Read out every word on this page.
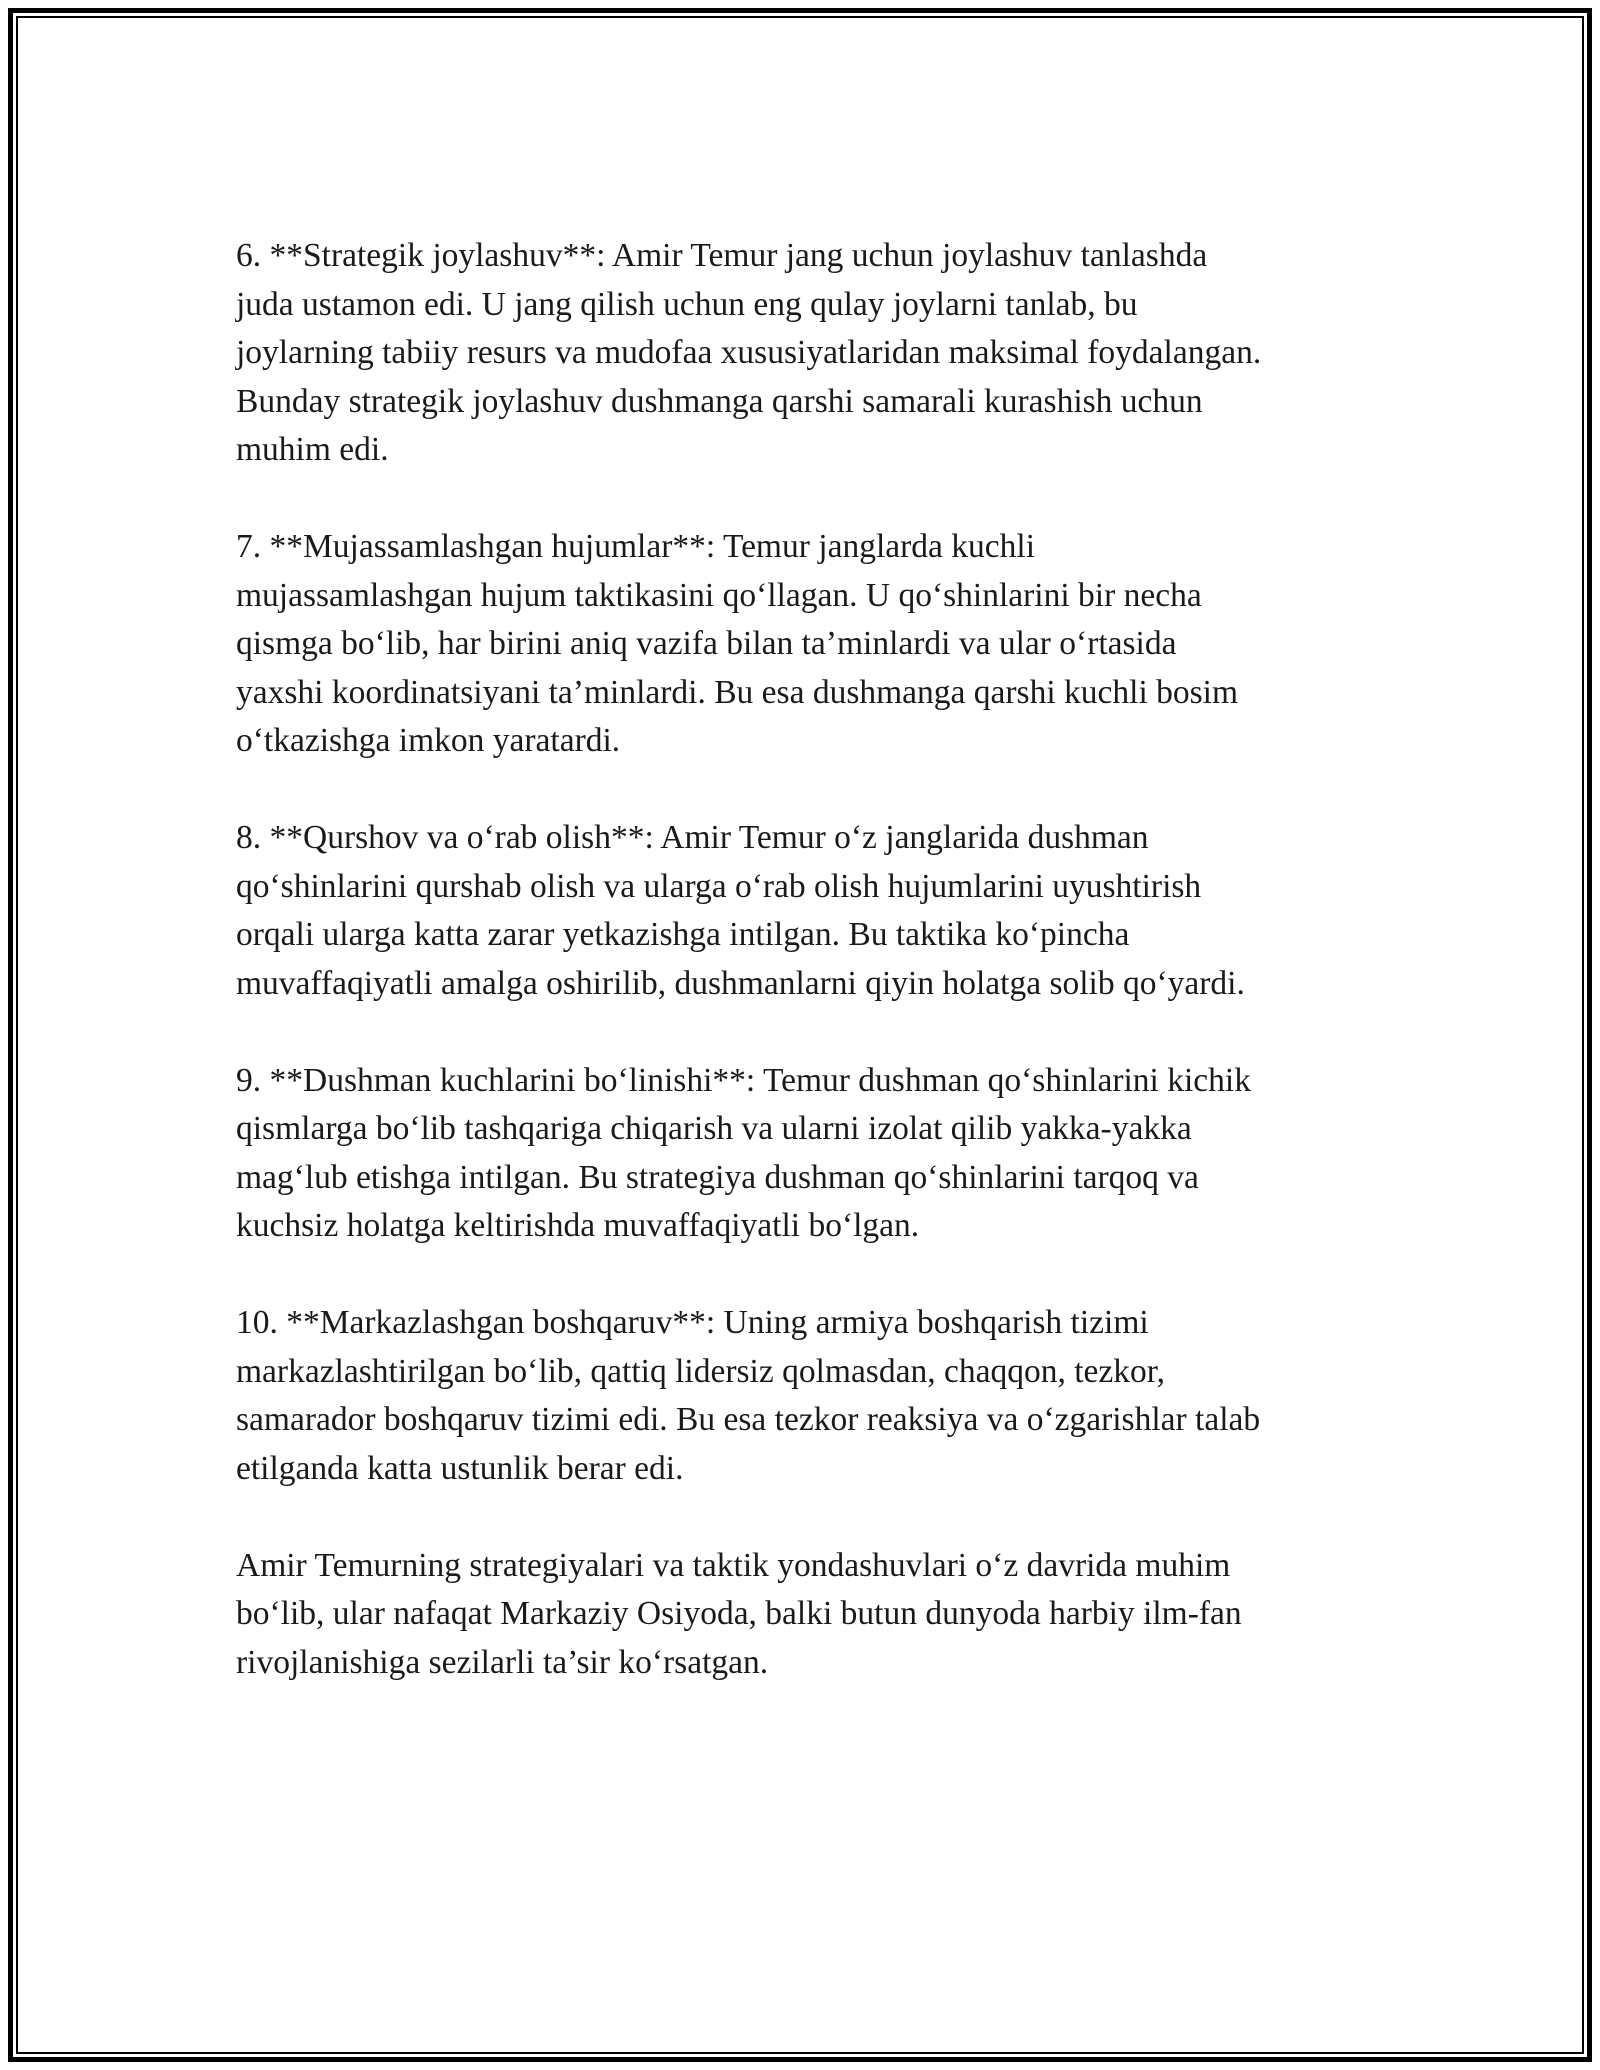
6. **Strategik joylashuv**: Amir Temur jang uchun joylashuv tanlashda
juda ustamon edi. U jang qilish uchun eng qulay joylarni tanlab, bu
joylarning tabiiy resurs va mudofaa xususiyatlaridan maksimal foydalangan.
Bunday strategik joylashuv dushmanga qarshi samarali kurashish uchun
muhim edi.

7. **Mujassamlashgan hujumlar**: Temur janglarda kuchli
mujassamlashgan hujum taktikasini qo‘llagan. U qo‘shinlarini bir necha
qismga bo‘lib, har birini aniq vazifa bilan ta’minlardi va ular o‘rtasida
yaxshi koordinatsiyani ta’minlardi. Bu esa dushmanga qarshi kuchli bosim
o‘tkazishga imkon yaratardi.

8. **Qurshov va o‘rab olish**: Amir Temur o‘z janglarida dushman
qo‘shinlarini qurshab olish va ularga o‘rab olish hujumlarini uyushtirish
orqali ularga katta zarar yetkazishga intilgan. Bu taktika ko‘pincha
muvaffaqiyatli amalga oshirilib, dushmanlarni qiyin holatga solib qo‘yardi.

9. **Dushman kuchlarini bo‘linishi**: Temur dushman qo‘shinlarini kichik
qismlarga bo‘lib tashqariga chiqarish va ularni izolat qilib yakka-yakka
mag‘lub etishga intilgan. Bu strategiya dushman qo‘shinlarini tarqoq va
kuchsiz holatga keltirishda muvaffaqiyatli bo‘lgan.

10. **Markazlashgan boshqaruv**: Uning armiya boshqarish tizimi
markazlashtirilgan bo‘lib, qattiq lidersiz qolmasdan, chaqqon, tezkor,
samarador boshqaruv tizimi edi. Bu esa tezkor reaksiya va o‘zgarishlar talab
etilganda katta ustunlik berar edi.

Amir Temurning strategiyalari va taktik yondashuvlari o‘z davrida muhim
bo‘lib, ular nafaqat Markaziy Osiyoda, balki butun dunyoda harbiy ilm-fan
rivojlanishiga sezilarli ta’sir ko‘rsatgan.
